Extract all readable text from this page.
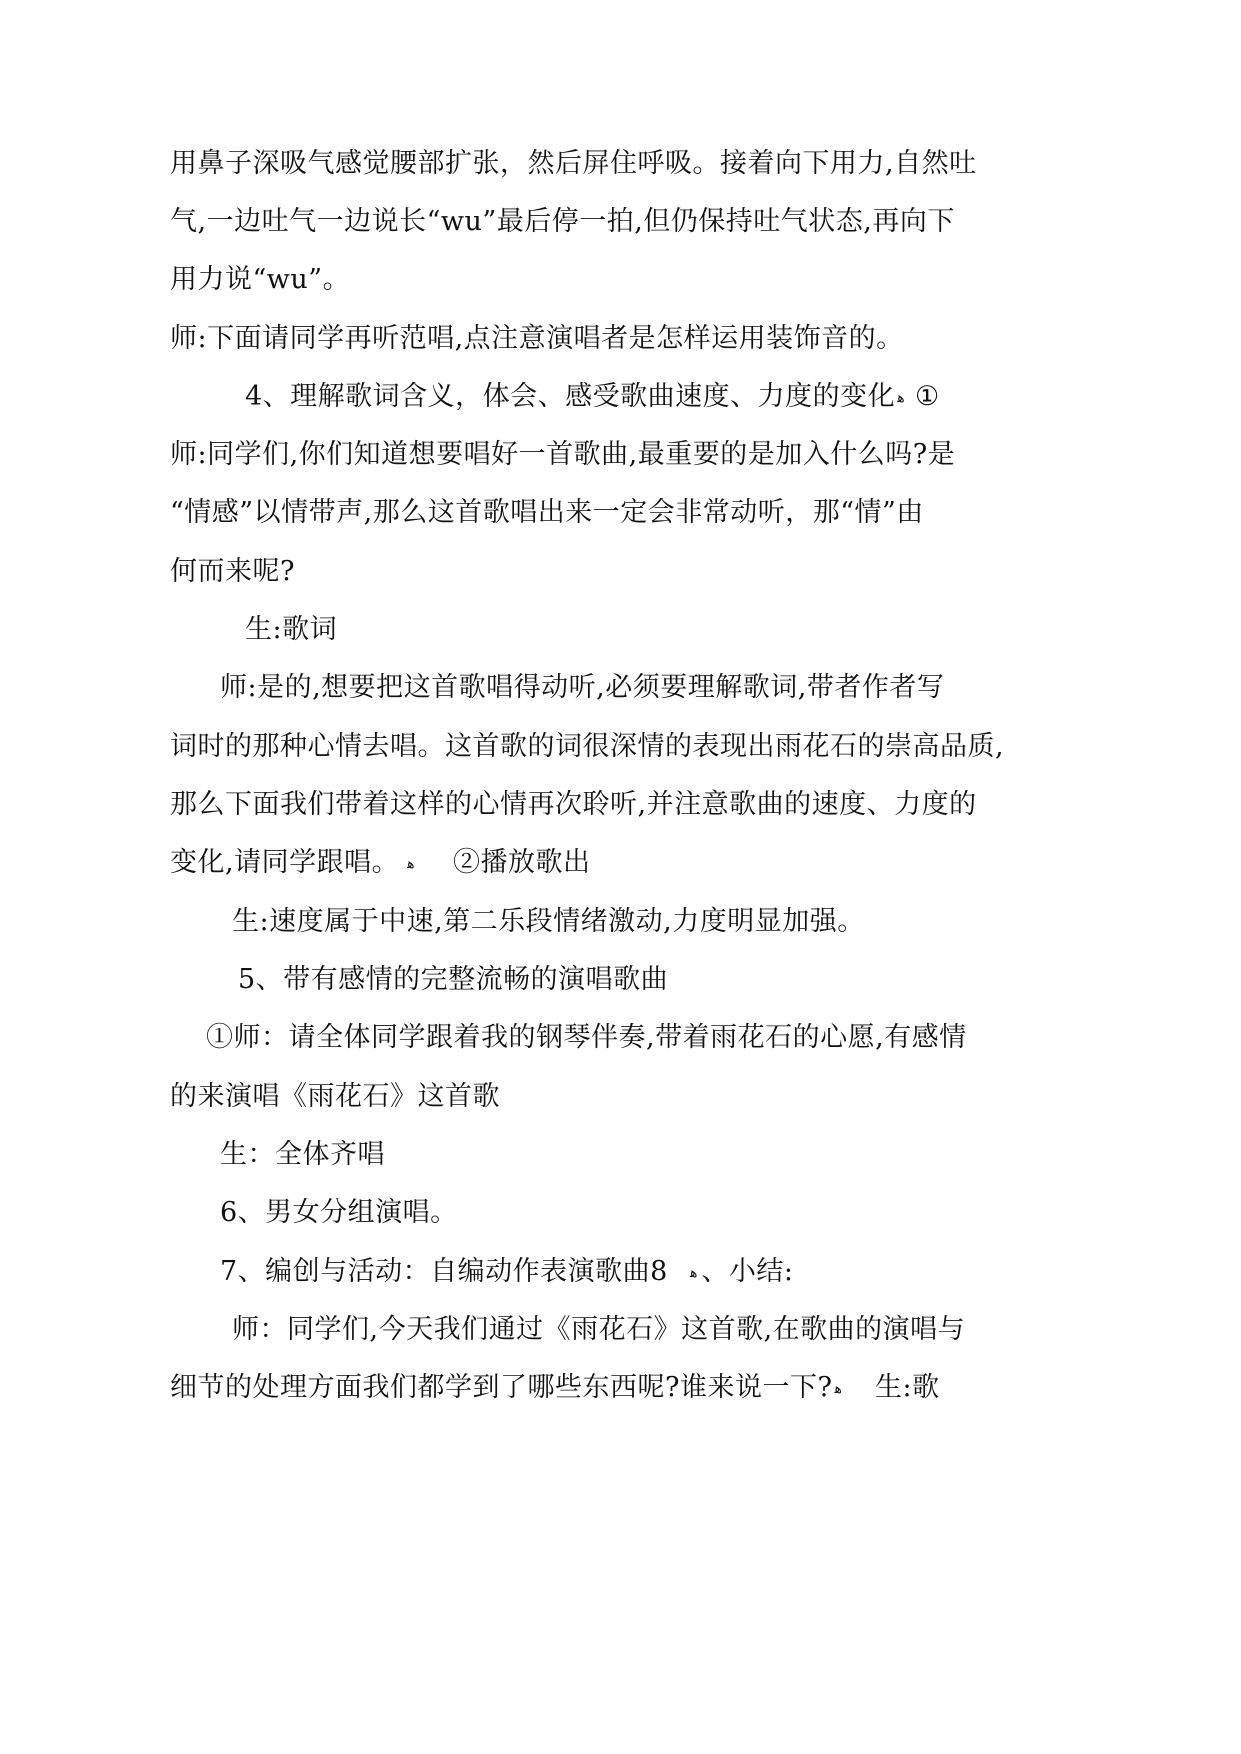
用鼻子深吸气感觉腰部扩张，然后屏住呼吸。接着向下用力,自然吐
气,一边吐气一边说长“wu”最后停一拍,但仍保持吐气状态,再向下
用力说“wu”。
师:下面请同学再听范唱,点注意演唱者是怎样运用装饰音的。
4、理解歌词含义，体会、感受歌曲速度、力度的变化 ﻫ ①
师:同学们,你们知道想要唱好一首歌曲,最重要的是加入什么吗?是
“情感”以情带声,那么这首歌唱出来一定会非常动听，那“情”由
何而来呢?
生:歌词
师:是的,想要把这首歌唱得动听,必须要理解歌词,带者作者写
词时的那种心情去唱。这首歌的词很深情的表现出雨花石的崇高品质,
那么下面我们带着这样的心情再次聆听,并注意歌曲的速度、力度的
变化,请同学跟唱。 ﻫ ②播放歌出
生:速度属于中速,第二乐段情绪激动,力度明显加强。
5、带有感情的完整流畅的演唱歌曲
①师：请全体同学跟着我的钢琴伴奏,带着雨花石的心愿,有感情
的来演唱《雨花石》这首歌
生：全体齐唱
6、男女分组演唱。
7、编创与活动：自编动作表演歌曲8 ﻫ 、小结:
师：同学们,今天我们通过《雨花石》这首歌,在歌曲的演唱与
细节的处理方面我们都学到了哪些东西呢?谁来说一下? ﻫ 生:歌
